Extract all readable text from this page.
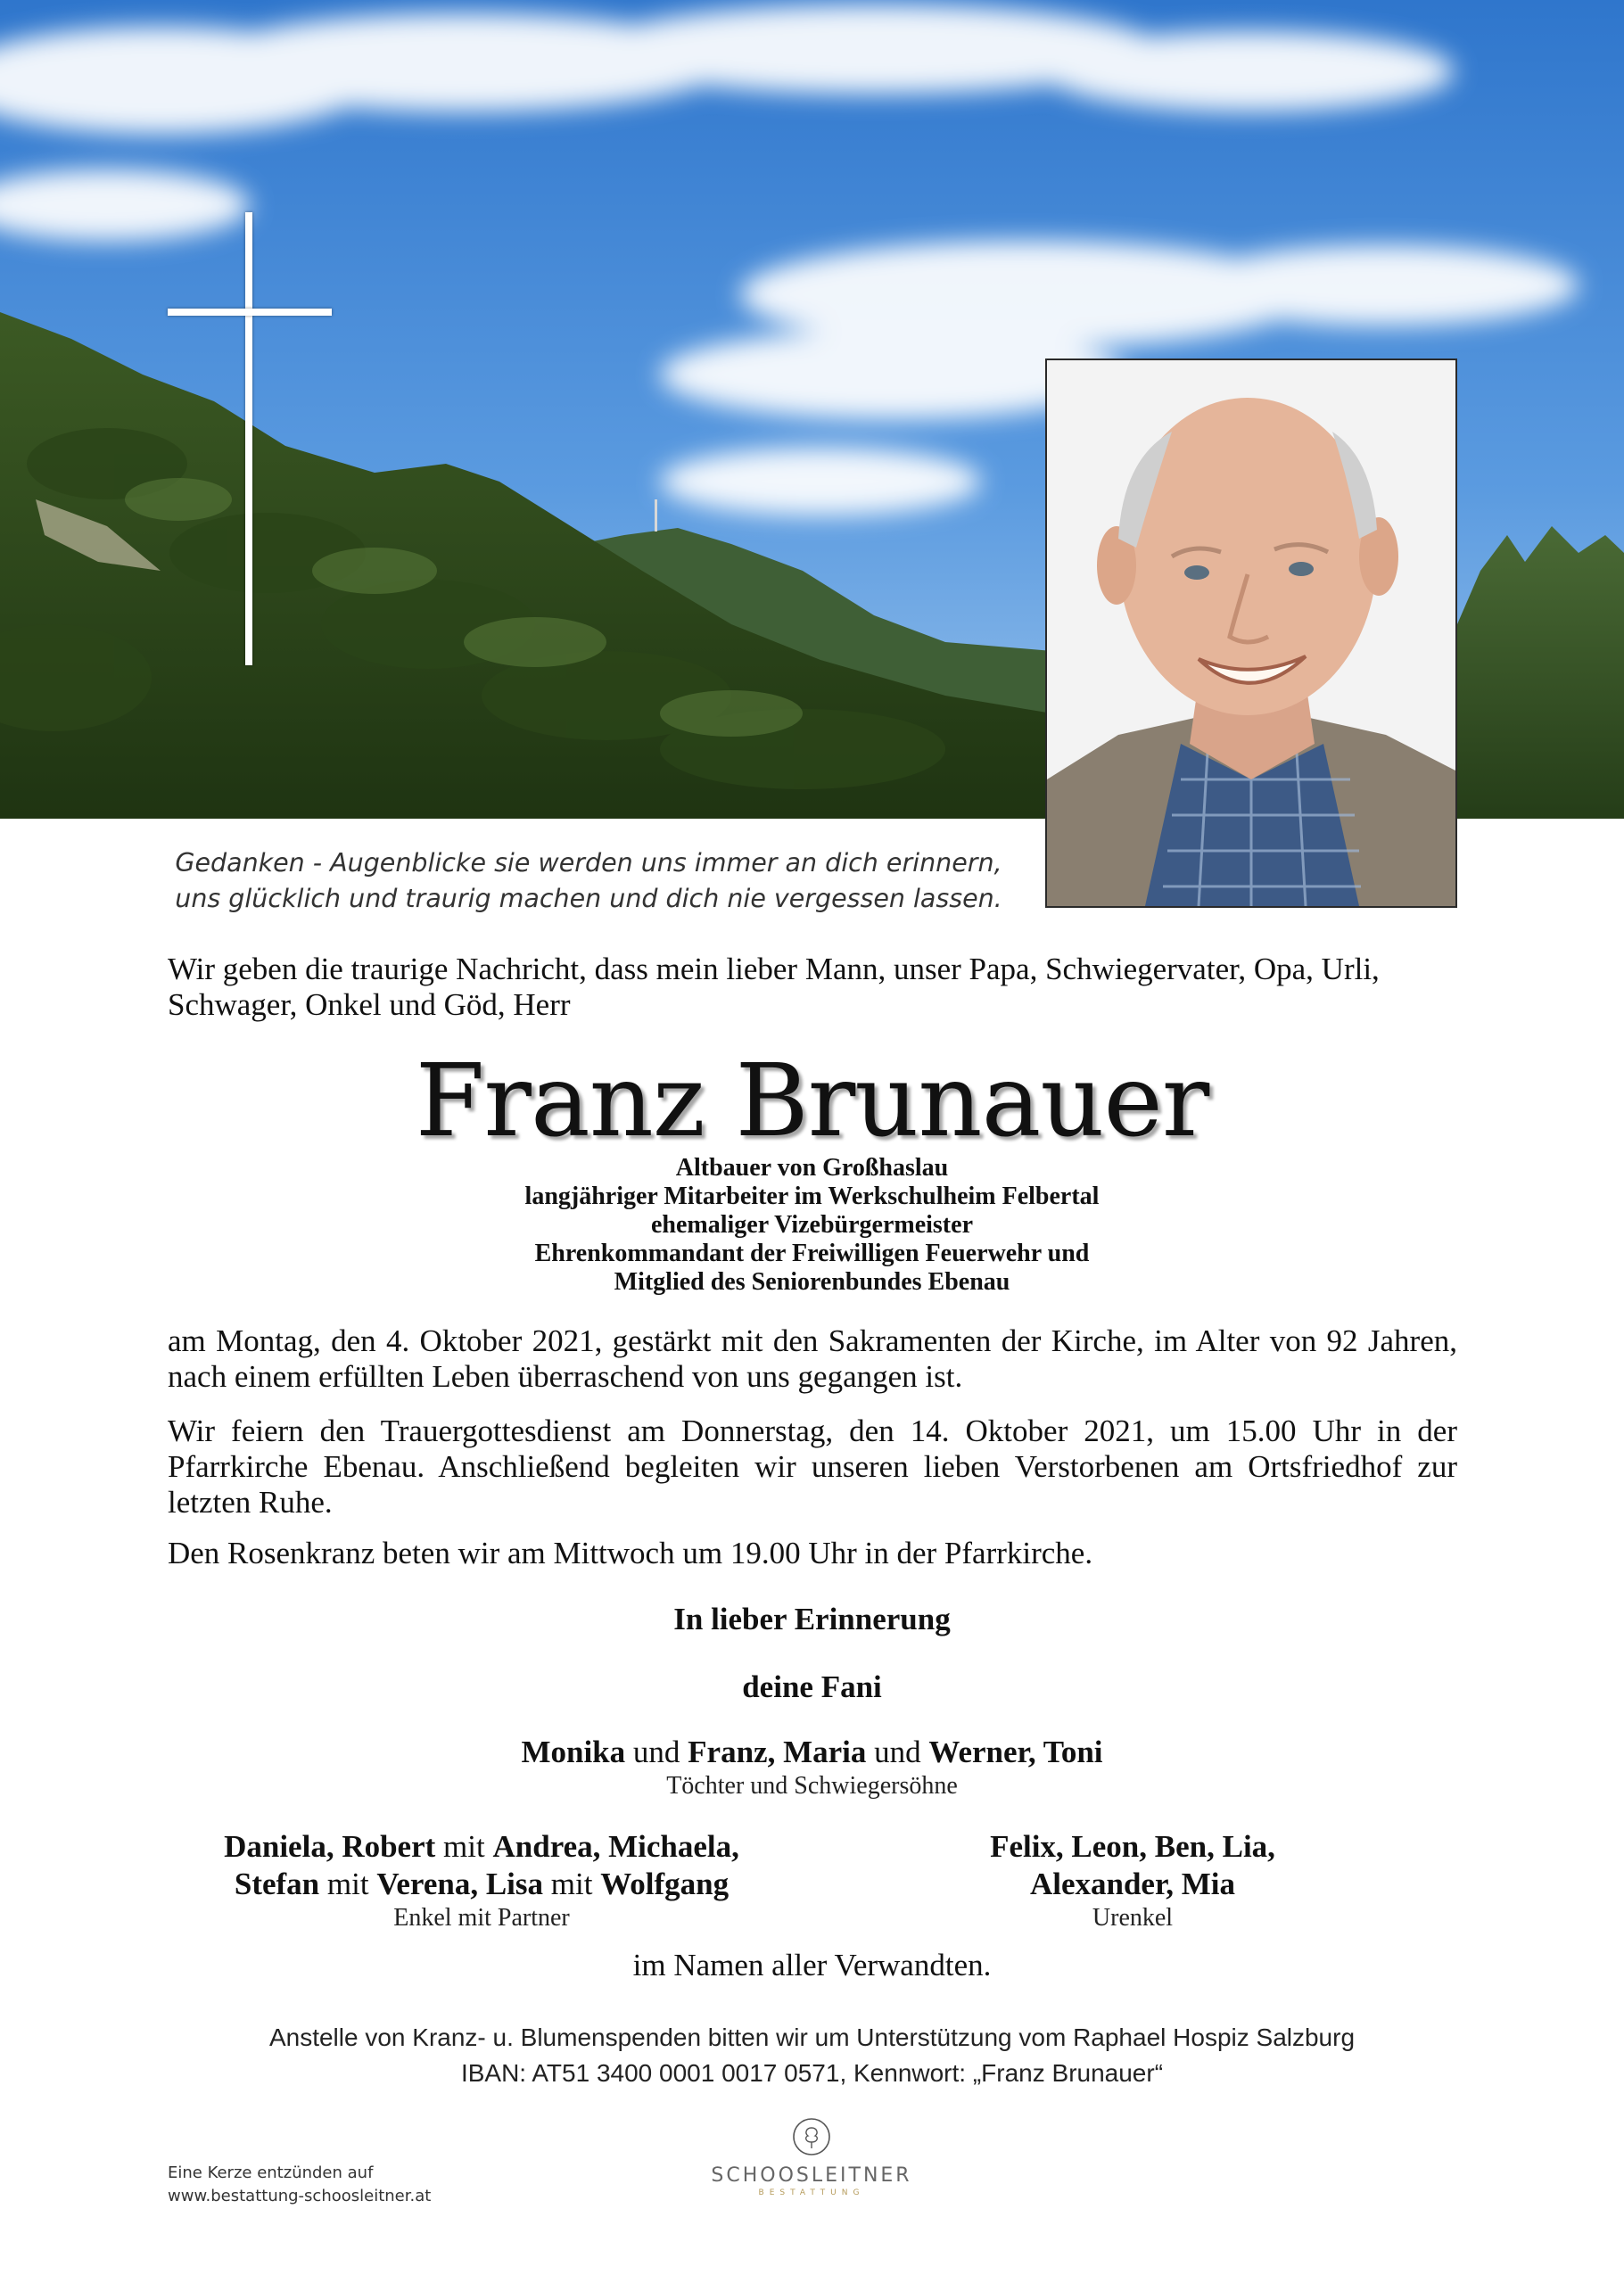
Gedanken - Augenblicke sie werden uns immer an dich erinnern,
uns glücklich und traurig machen und dich nie vergessen lassen.
Wir geben die traurige Nachricht, dass mein lieber Mann, unser Papa, Schwiegervater, Opa, Urli, Schwager, Onkel und Göd, Herr
Franz Brunauer
Altbauer von Großhaslau
langjähriger Mitarbeiter im Werkschulheim Felbertal
ehemaliger Vizebürgermeister
Ehrenkommandant der Freiwilligen Feuerwehr und
Mitglied des Seniorenbundes Ebenau
am Montag, den 4. Oktober 2021, gestärkt mit den Sakramenten der Kirche, im Alter von 92 Jahren, nach einem erfüllten Leben überraschend von uns gegangen ist.
Wir feiern den Trauergottesdienst am Donnerstag, den 14. Oktober 2021, um 15.00 Uhr in der Pfarrkirche Ebenau. Anschließend begleiten wir unseren lieben Verstorbenen am Ortsfriedhof zur letzten Ruhe.
Den Rosenkranz beten wir am Mittwoch um 19.00 Uhr in der Pfarrkirche.
In lieber Erinnerung
deine Fani
Monika und Franz, Maria und Werner, Toni
Töchter und Schwiegersöhne
Daniela, Robert mit Andrea, Michaela,
Stefan mit Verena, Lisa mit Wolfgang
Enkel mit Partner
Felix, Leon, Ben, Lia,
Alexander, Mia
Urenkel
im Namen aller Verwandten.
Anstelle von Kranz- u. Blumenspenden bitten wir um Unterstützung vom Raphael Hospiz Salzburg
IBAN: AT51 3400 0001 0017 0571, Kennwort: „Franz Brunauer“
Eine Kerze entzünden auf
www.bestattung-schoosleitner.at
SCHOOSLEITNER
BESTATTUNG
